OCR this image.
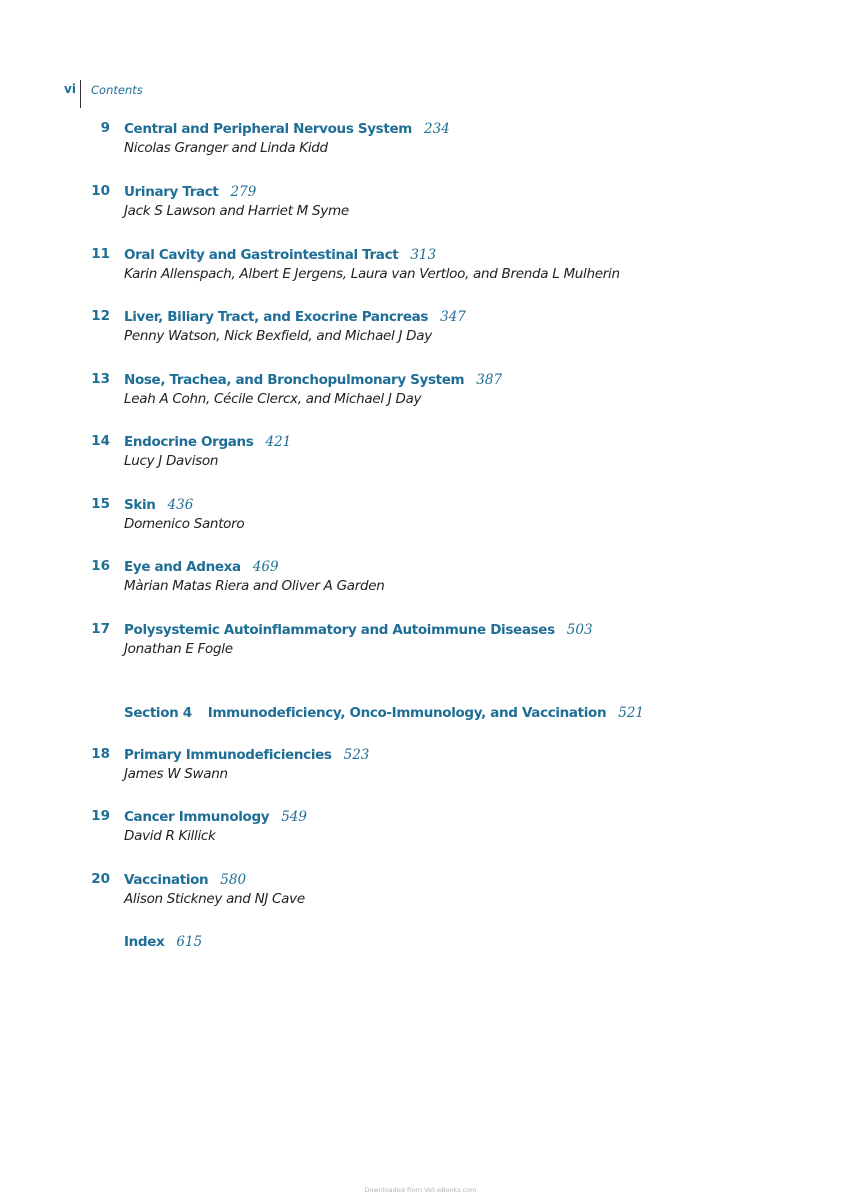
vi Contents
9 Central and Peripheral Nervous System 234
Nicolas Granger and Linda Kidd
10 Urinary Tract 279
Jack S Lawson and Harriet M Syme
11 Oral Cavity and Gastrointestinal Tract 313
Karin Allenspach, Albert E Jergens, Laura van Vertloo, and Brenda L Mulherin
12 Liver, Biliary Tract, and Exocrine Pancreas 347
Penny Watson, Nick Bexfield, and Michael J Day
13 Nose, Trachea, and Bronchopulmonary System 387
Leah A Cohn, Cécile Clercx, and Michael J Day
14 Endocrine Organs 421
Lucy J Davison
15 Skin 436
Domenico Santoro
16 Eye and Adnexa 469
Màrian Matas Riera and Oliver A Garden
17 Polysystemic Autoinflammatory and Autoimmune Diseases 503
Jonathan E Fogle
Section 4 Immunodeficiency, Onco-Immunology, and Vaccination 521
18 Primary Immunodeficiencies 523
James W Swann
19 Cancer Immunology 549
David R Killick
20 Vaccination 580
Alison Stickney and NJ Cave
Index 615
Downloaded from Vet-eBooks.com
